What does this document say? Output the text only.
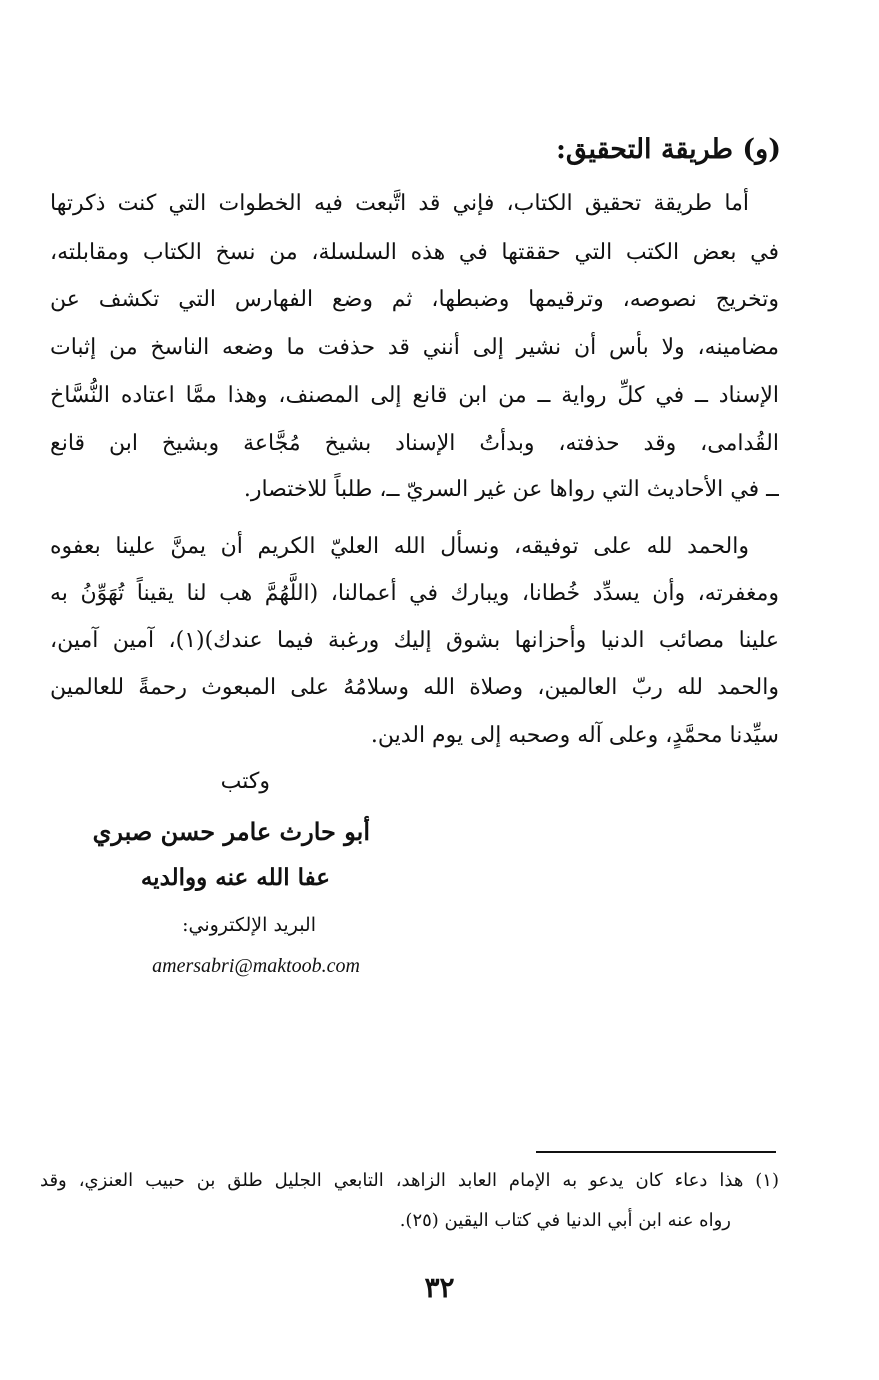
(و) طريقة التحقيق:
أما طريقة تحقيق الكتاب، فإني قد اتَّبعت فيه الخطوات التي كنت ذكرتها
في بعض الكتب التي حققتها في هذه السلسلة، من نسخ الكتاب ومقابلته،
وتخريج نصوصه، وترقيمها وضبطها، ثم وضع الفهارس التي تكشف عن
مضامينه، ولا بأس أن نشير إلى أنني قد حذفت ما وضعه الناسخ من إثبات
الإسناد ــ في كلِّ رواية ــ من ابن قانع إلى المصنف، وهذا ممَّا اعتاده النُّسَّاخ
القُدامى، وقد حذفته، وبدأتُ الإسناد بشيخ مُجَّاعة وبشيخ ابن قانع
ــ في الأحاديث التي رواها عن غير السريّ ــ، طلباً للاختصار.
والحمد لله على توفيقه، ونسأل الله العليّ الكريم أن يمنَّ علينا بعفوه
ومغفرته، وأن يسدِّد خُطانا، ويبارك في أعمالنا، (اللَّهُمَّ هب لنا يقيناً تُهَوِّنُ به
علينا مصائب الدنيا وأحزانها بشوق إليك ورغبة فيما عندك)(١)، آمين آمين،
والحمد لله ربّ العالمين، وصلاة الله وسلامُهُ على المبعوث رحمةً للعالمين
سيِّدنا محمَّدٍ، وعلى آله وصحبه إلى يوم الدين.
وكتب
أبو حارث عامر حسن صبري
عفا الله عنه ووالديه
البريد الإلكتروني:
amersabri@maktoob.com
(١) هذا دعاء كان يدعو به الإمام العابد الزاهد، التابعي الجليل طلق بن حبيب العنزي، وقد
رواه عنه ابن أبي الدنيا في كتاب اليقين (٢٥).
٣٢
